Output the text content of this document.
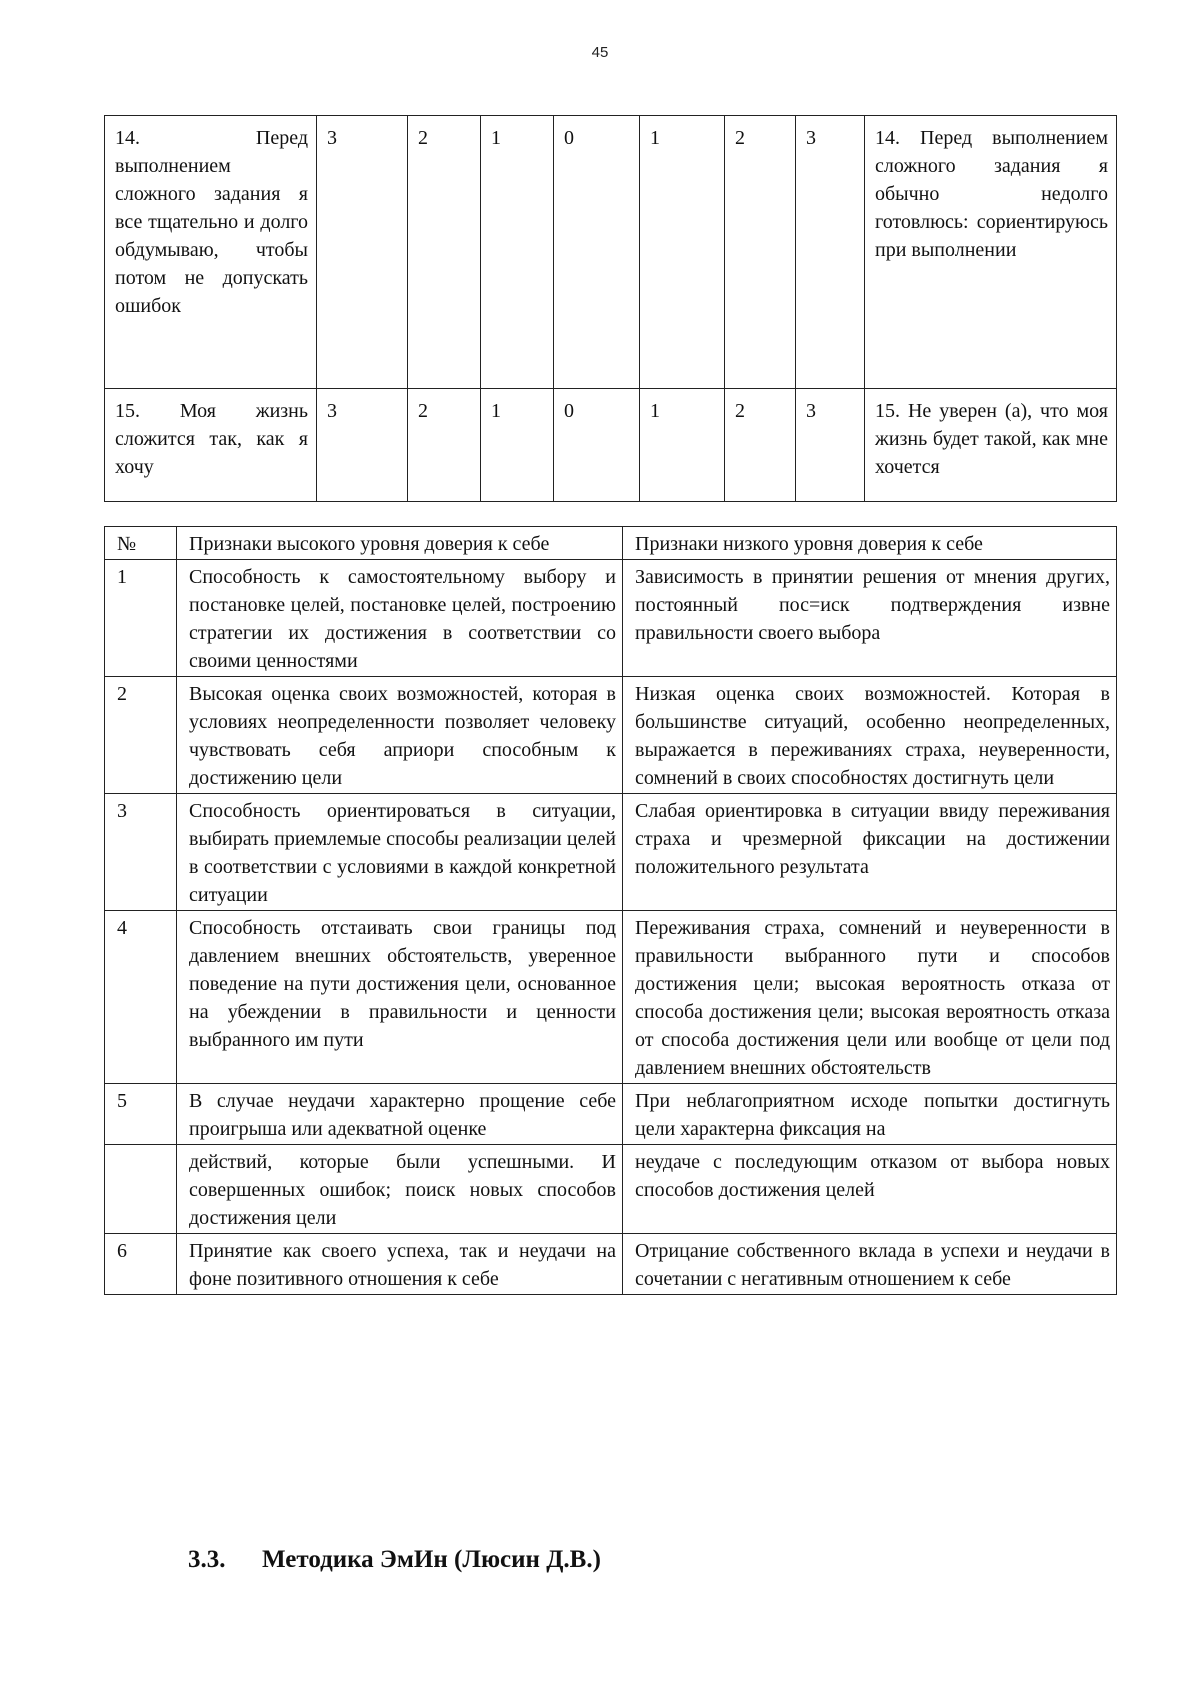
45
14. Перед выполнением сложного задания я все тщательно и долго обдумываю, чтобы потом не допускать ошибок	3	2	1	0	1	2	3	14. Перед выполнением сложного задания я обычно недолго готовлюсь: сориентируюсь при выполнении
15. Моя жизнь сложится так, как я хочу	3	2	1	0	1	2	3	15. Не уверен (а), что моя жизнь будет такой, как мне хочется
№	Признаки высокого уровня доверия к себе	Признаки низкого уровня доверия к себе
1	Способность к самостоятельному выбору и постановке целей, постановке целей, построению стратегии их достижения в соответствии со своими ценностями	Зависимость в принятии решения от мнения других, постоянный пос=иск подтверждения извне правильности своего выбора
2	Высокая оценка своих возможностей, которая в условиях неопределенности позволяет человеку чувствовать себя априори способным к достижению цели	Низкая оценка своих возможностей. Которая в большинстве ситуаций, особенно неопределенных, выражается в переживаниях страха, неуверенности, сомнений в своих способностях достигнуть цели
3	Способность ориентироваться в ситуации, выбирать приемлемые способы реализации целей в соответствии с условиями в каждой конкретной ситуации	Слабая ориентировка в ситуации ввиду переживания страха и чрезмерной фиксации на достижении положительного результата
4	Способность отстаивать свои границы под давлением внешних обстоятельств, уверенное поведение на пути достижения цели, основанное на убеждении в правильности и ценности выбранного им пути	Переживания страха, сомнений и неуверенности в правильности выбранного пути и способов достижения цели; высокая вероятность отказа от способа достижения цели; высокая вероятность отказа от способа достижения цели или вообще от цели под давлением внешних обстоятельств
5	В случае неудачи характерно прощение себе проигрыша или адекватной оценке	При неблагоприятном исходе попытки достигнуть цели характерна фиксация на
	действий, которые были успешными. И совершенных ошибок; поиск новых способов достижения цели	неудаче с последующим отказом от выбора новых способов достижения целей
6	Принятие как своего успеха, так и неудачи на фоне позитивного отношения к себе	Отрицание собственного вклада в успехи и неудачи в сочетании с негативным отношением к себе
3.3. Методика ЭмИн (Люсин Д.В.)
